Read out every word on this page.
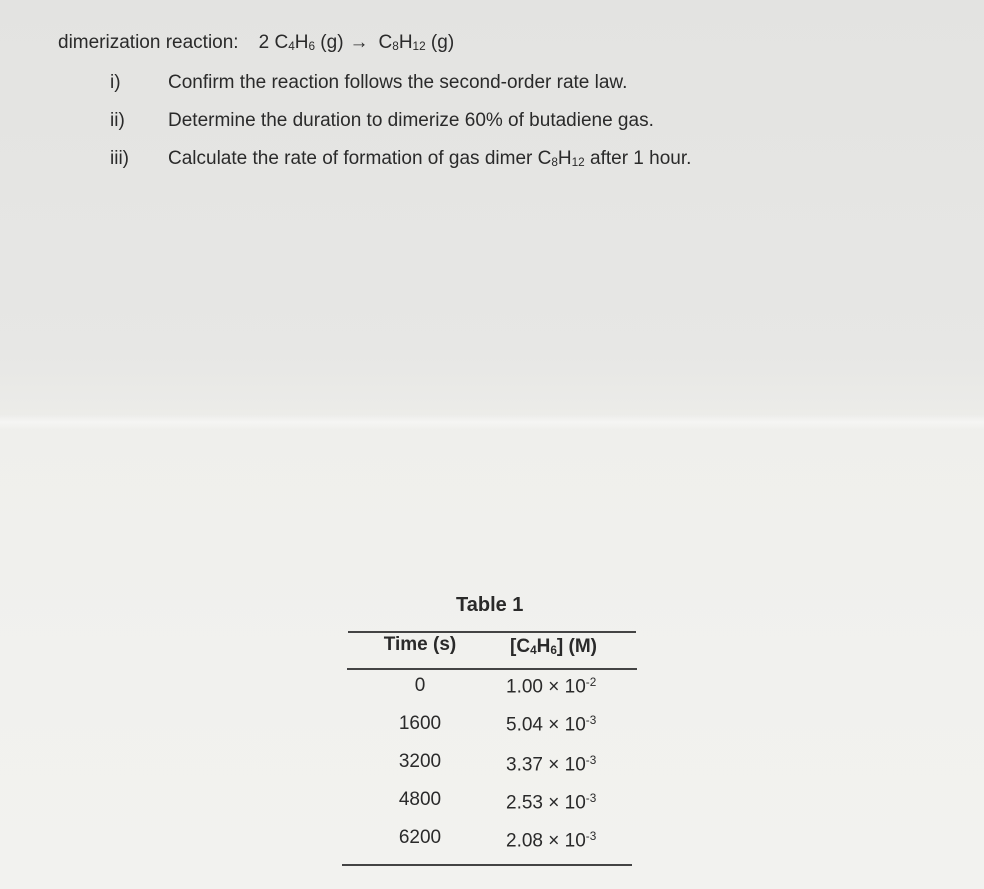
dimerization reaction: 2 $C_4H_6$ $(g) \to C_8H_{12}$ (g)
i) Confirm the reaction follows the second-order rate law.
ii) Determine the duration to dimerize 60% of butadiene gas.
iii) Calculate the rate of formation of gas dimer $C_8H_{12}$ after 1 hour.
Table 1
Time (s)	$[C_4H_6]$ (M)
0	$1.00 \times 10^{-2}$
1600	$5.04 \times 10^{-3}$
3200	$3.37 \times 10^{-3}$
4800	$2.53 \times 10^{-3}$
6200	$2.08 \times 10^{-3}$
